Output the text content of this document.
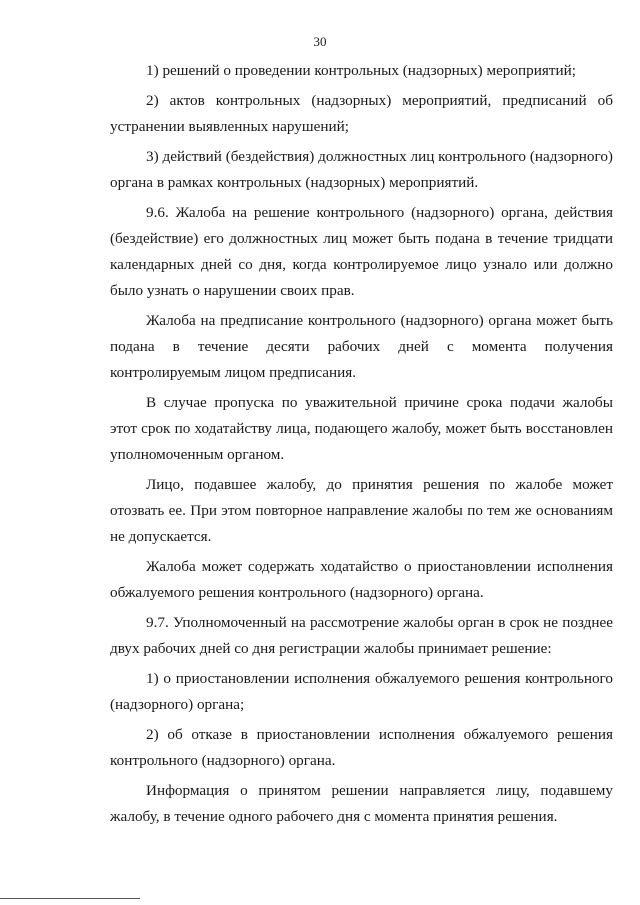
30

1) решений о проведении контрольных (надзорных) мероприятий;

2) актов контрольных (надзорных) мероприятий, предписаний об устранении выявленных нарушений;

3) действий (бездействия) должностных лиц контрольного (надзорного) органа в рамках контрольных (надзорных) мероприятий.

9.6. Жалоба на решение контрольного (надзорного) органа, действия (бездействие) его должностных лиц может быть подана в течение тридцати календарных дней со дня, когда контролируемое лицо узнало или должно было узнать о нарушении своих прав.

Жалоба на предписание контрольного (надзорного) органа может быть подана в течение десяти рабочих дней с момента получения контролируемым лицом предписания.

В случае пропуска по уважительной причине срока подачи жалобы этот срок по ходатайству лица, подающего жалобу, может быть восстановлен уполномоченным органом.

Лицо, подавшее жалобу, до принятия решения по жалобе может отозвать ее. При этом повторное направление жалобы по тем же основаниям не допускается.

Жалоба может содержать ходатайство о приостановлении исполнения обжалуемого решения контрольного (надзорного) органа.

9.7. Уполномоченный на рассмотрение жалобы орган в срок не позднее двух рабочих дней со дня регистрации жалобы принимает решение:

1) о приостановлении исполнения обжалуемого решения контрольного (надзорного) органа;

2) об отказе в приостановлении исполнения обжалуемого решения контрольного (надзорного) органа.

Информация о принятом решении направляется лицу, подавшему жалобу, в течение одного рабочего дня с момента принятия решения.
